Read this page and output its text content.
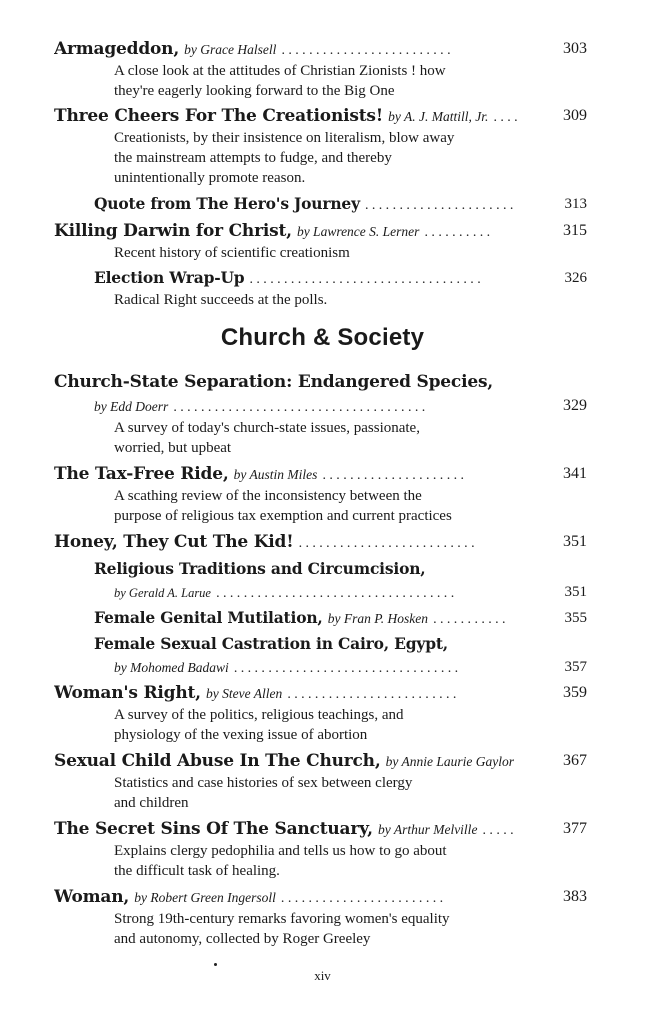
Armageddon, by Grace Halsell .........................	303
A close look at the attitudes of Christian Zionists ! how
they're eagerly looking forward to the Big One
Three Cheers For The Creationists! by A. J. Mattill, Jr. ....	309
Creationists, by their insistence on literalism, blow away
the mainstream attempts to fudge, and thereby
unintentionally promote reason.
Quote from The Hero's Journey ......................	313
Killing Darwin for Christ, by Lawrence S. Lerner ..........	315
Recent history of scientific creationism
Election Wrap-Up ..................................	326
Radical Right succeeds at the polls.
Church & Society
Church-State Separation: Endangered Species,
by Edd Doerr .....................................	329
A survey of today's church-state issues, passionate,
worried, but upbeat
The Tax-Free Ride, by Austin Miles .....................	341
A scathing review of the inconsistency between the
purpose of religious tax exemption and current practices
Honey, They Cut The Kid! ..........................	351
Religious Traditions and Circumcision,
by Gerald A. Larue ...................................	351
Female Genital Mutilation, by Fran P. Hosken ...........	355
Female Sexual Castration in Cairo, Egypt,
by Mohomed Badawi .................................	357
Woman's Right, by Steve Allen .........................	359
A survey of the politics, religious teachings, and
physiology of the vexing issue of abortion
Sexual Child Abuse In The Church, by Annie Laurie Gaylor	367
Statistics and case histories of sex between clergy
and children
The Secret Sins Of The Sanctuary, by Arthur Melville .....	377
Explains clergy pedophilia and tells us how to go about
the difficult task of healing.
Woman, by Robert Green Ingersoll ........................	383
Strong 19th-century remarks favoring women's equality
and autonomy, collected by Roger Greeley
xiv
